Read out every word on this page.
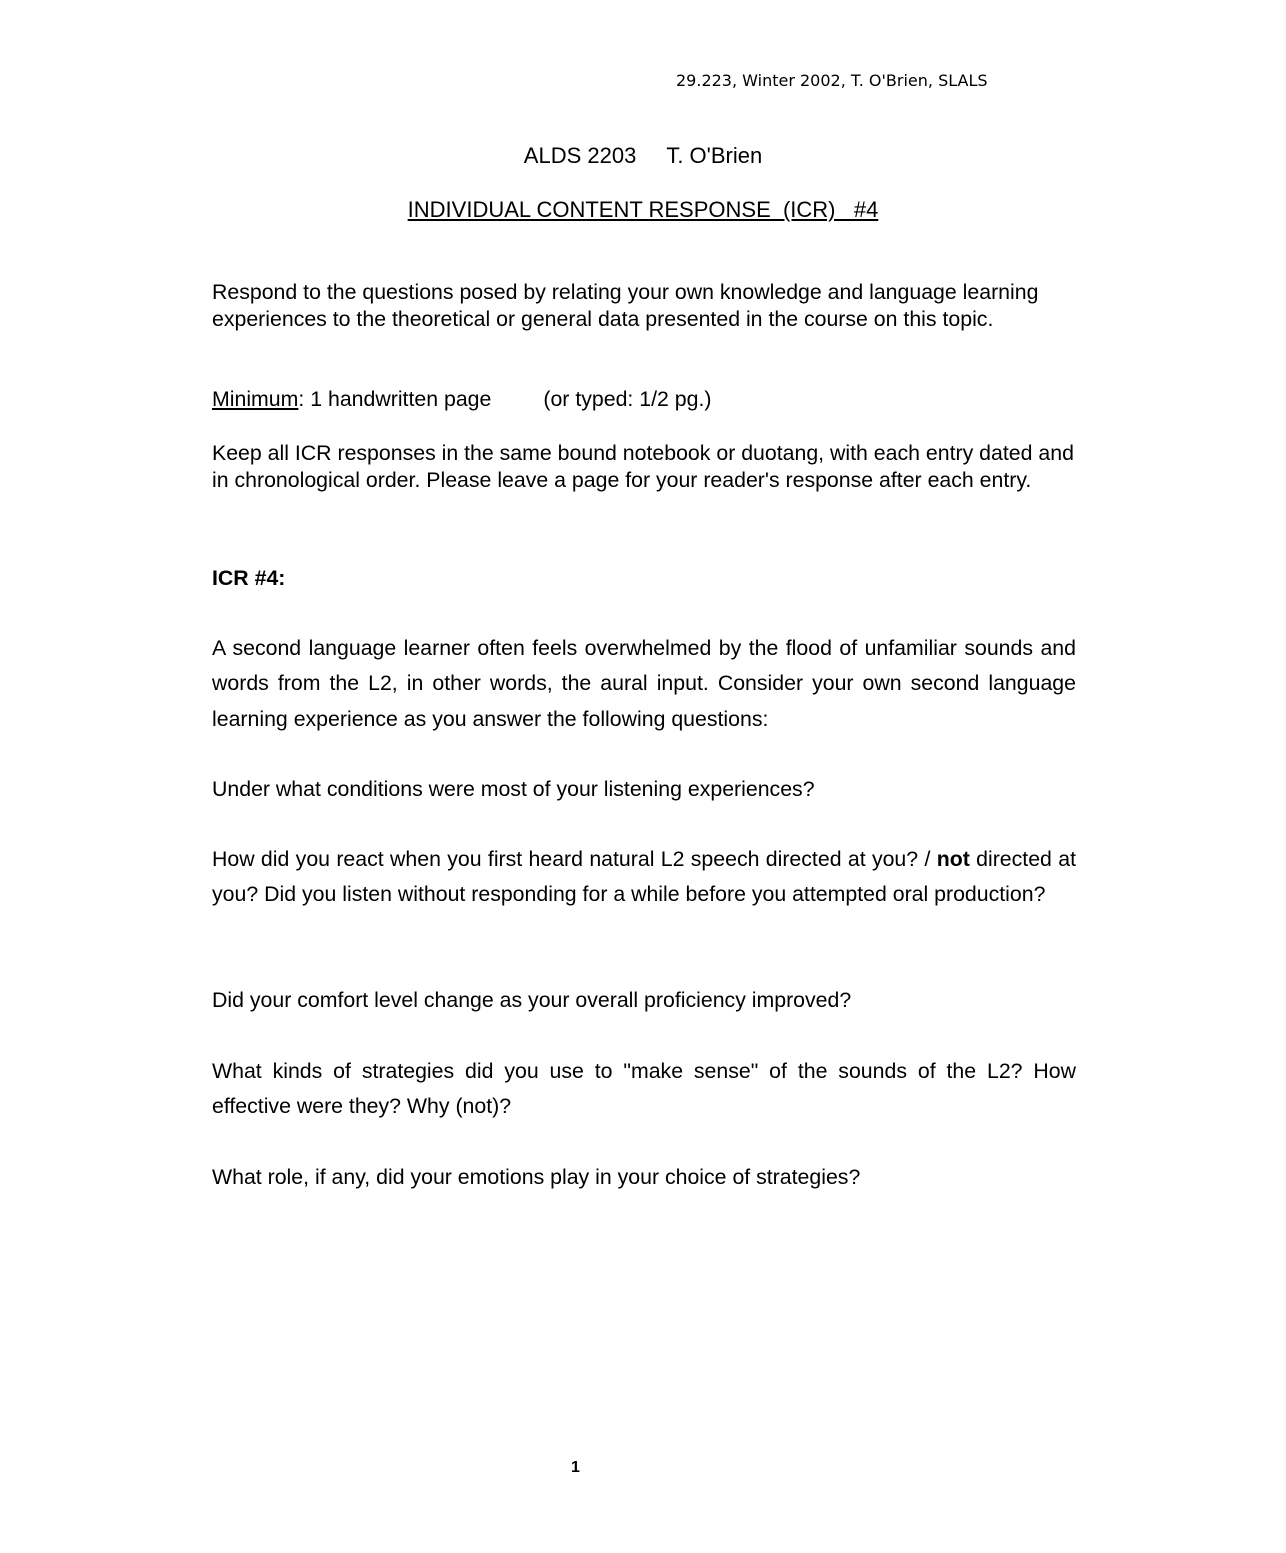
29.223, Winter 2002, T. O'Brien, SLALS
ALDS 2203 T. O'Brien
INDIVIDUAL CONTENT RESPONSE  (ICR)   #4

Respond to the questions posed by relating your own knowledge and language learning experiences to the theoretical or general data presented in the course on this topic.

Minimum: 1 handwritten page (or typed: 1/2 pg.)

Keep all ICR responses in the same bound notebook or duotang, with each entry dated and in chronological order. Please leave a page for your reader's response after each entry.

ICR #4:

A second language learner often feels overwhelmed by the flood of unfamiliar sounds and words from the L2, in other words, the aural input. Consider your own second language learning experience as you answer the following questions:

Under what conditions were most of your listening experiences?

How did you react when you first heard natural L2 speech directed at you? / not directed at you? Did you listen without responding for a while before you attempted oral production?

Did your comfort level change as your overall proficiency improved?

What kinds of strategies did you use to "make sense" of the sounds of the L2? How effective were they? Why (not)?

What role, if any, did your emotions play in your choice of strategies?

1
